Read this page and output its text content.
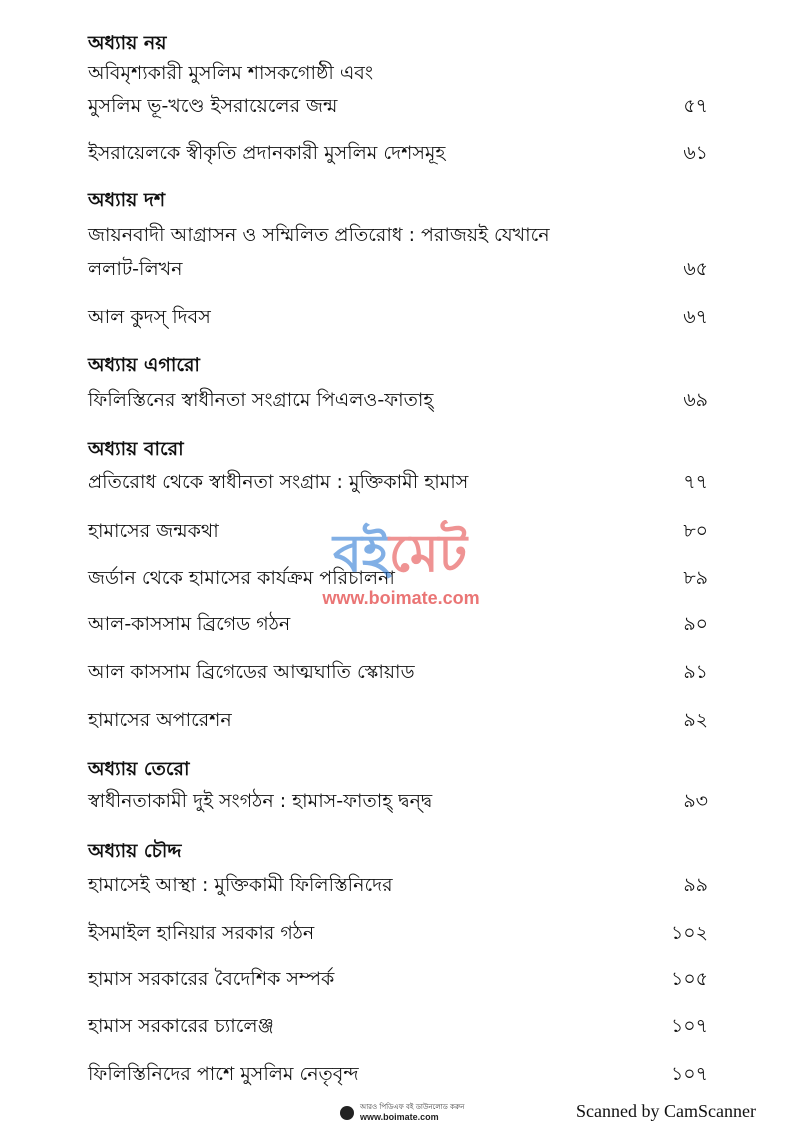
অধ্যায় নয়
অবিমৃশ্যকারী মুসলিম শাসকগোষ্ঠী এবং
মুসলিম ভূ-খণ্ডে ইসরায়েলের জন্ম	৫৭
ইসরায়েলকে স্বীকৃতি প্রদানকারী মুসলিম দেশসমূহ	৬১
অধ্যায় দশ
জায়নবাদী আগ্রাসন ও সম্মিলিত প্রতিরোধ : পরাজয়ই যেখানে
ললাট-লিখন	৬৫
আল কুদস্ দিবস	৬৭
অধ্যায় এগারো
ফিলিস্তিনের স্বাধীনতা সংগ্রামে পিএলও-ফাতাহ্	৬৯
অধ্যায় বারো
প্রতিরোধ থেকে স্বাধীনতা সংগ্রাম : মুক্তিকামী হামাস	৭৭
হামাসের জন্মকথা	৮০
জর্ডান থেকে হামাসের কার্যক্রম পরিচালনা	৮৯
আল-কাসসাম ব্রিগেড গঠন	৯০
আল কাসসাম ব্রিগেডের আত্মঘাতি স্কোয়াড	৯১
হামাসের অপারেশন	৯২
অধ্যায় তেরো
স্বাধীনতাকামী দুই সংগঠন : হামাস-ফাতাহ্ দ্বন্দ্ব	৯৩
অধ্যায় চৌদ্দ
হামাসেই আস্থা : মুক্তিকামী ফিলিস্তিনিদের	৯৯
ইসমাইল হানিয়ার সরকার গঠন	১০২
হামাস সরকারের বৈদেশিক সম্পর্ক	১০৫
হামাস সরকারের চ্যালেঞ্জ	১০৭
ফিলিস্তিনিদের পাশে মুসলিম নেতৃবৃন্দ	১০৭
বইমেট
www.boimate.com
আরও পিডিএফ বই ডাউনলোড করুন
www.boimate.com	Scanned by CamScanner
